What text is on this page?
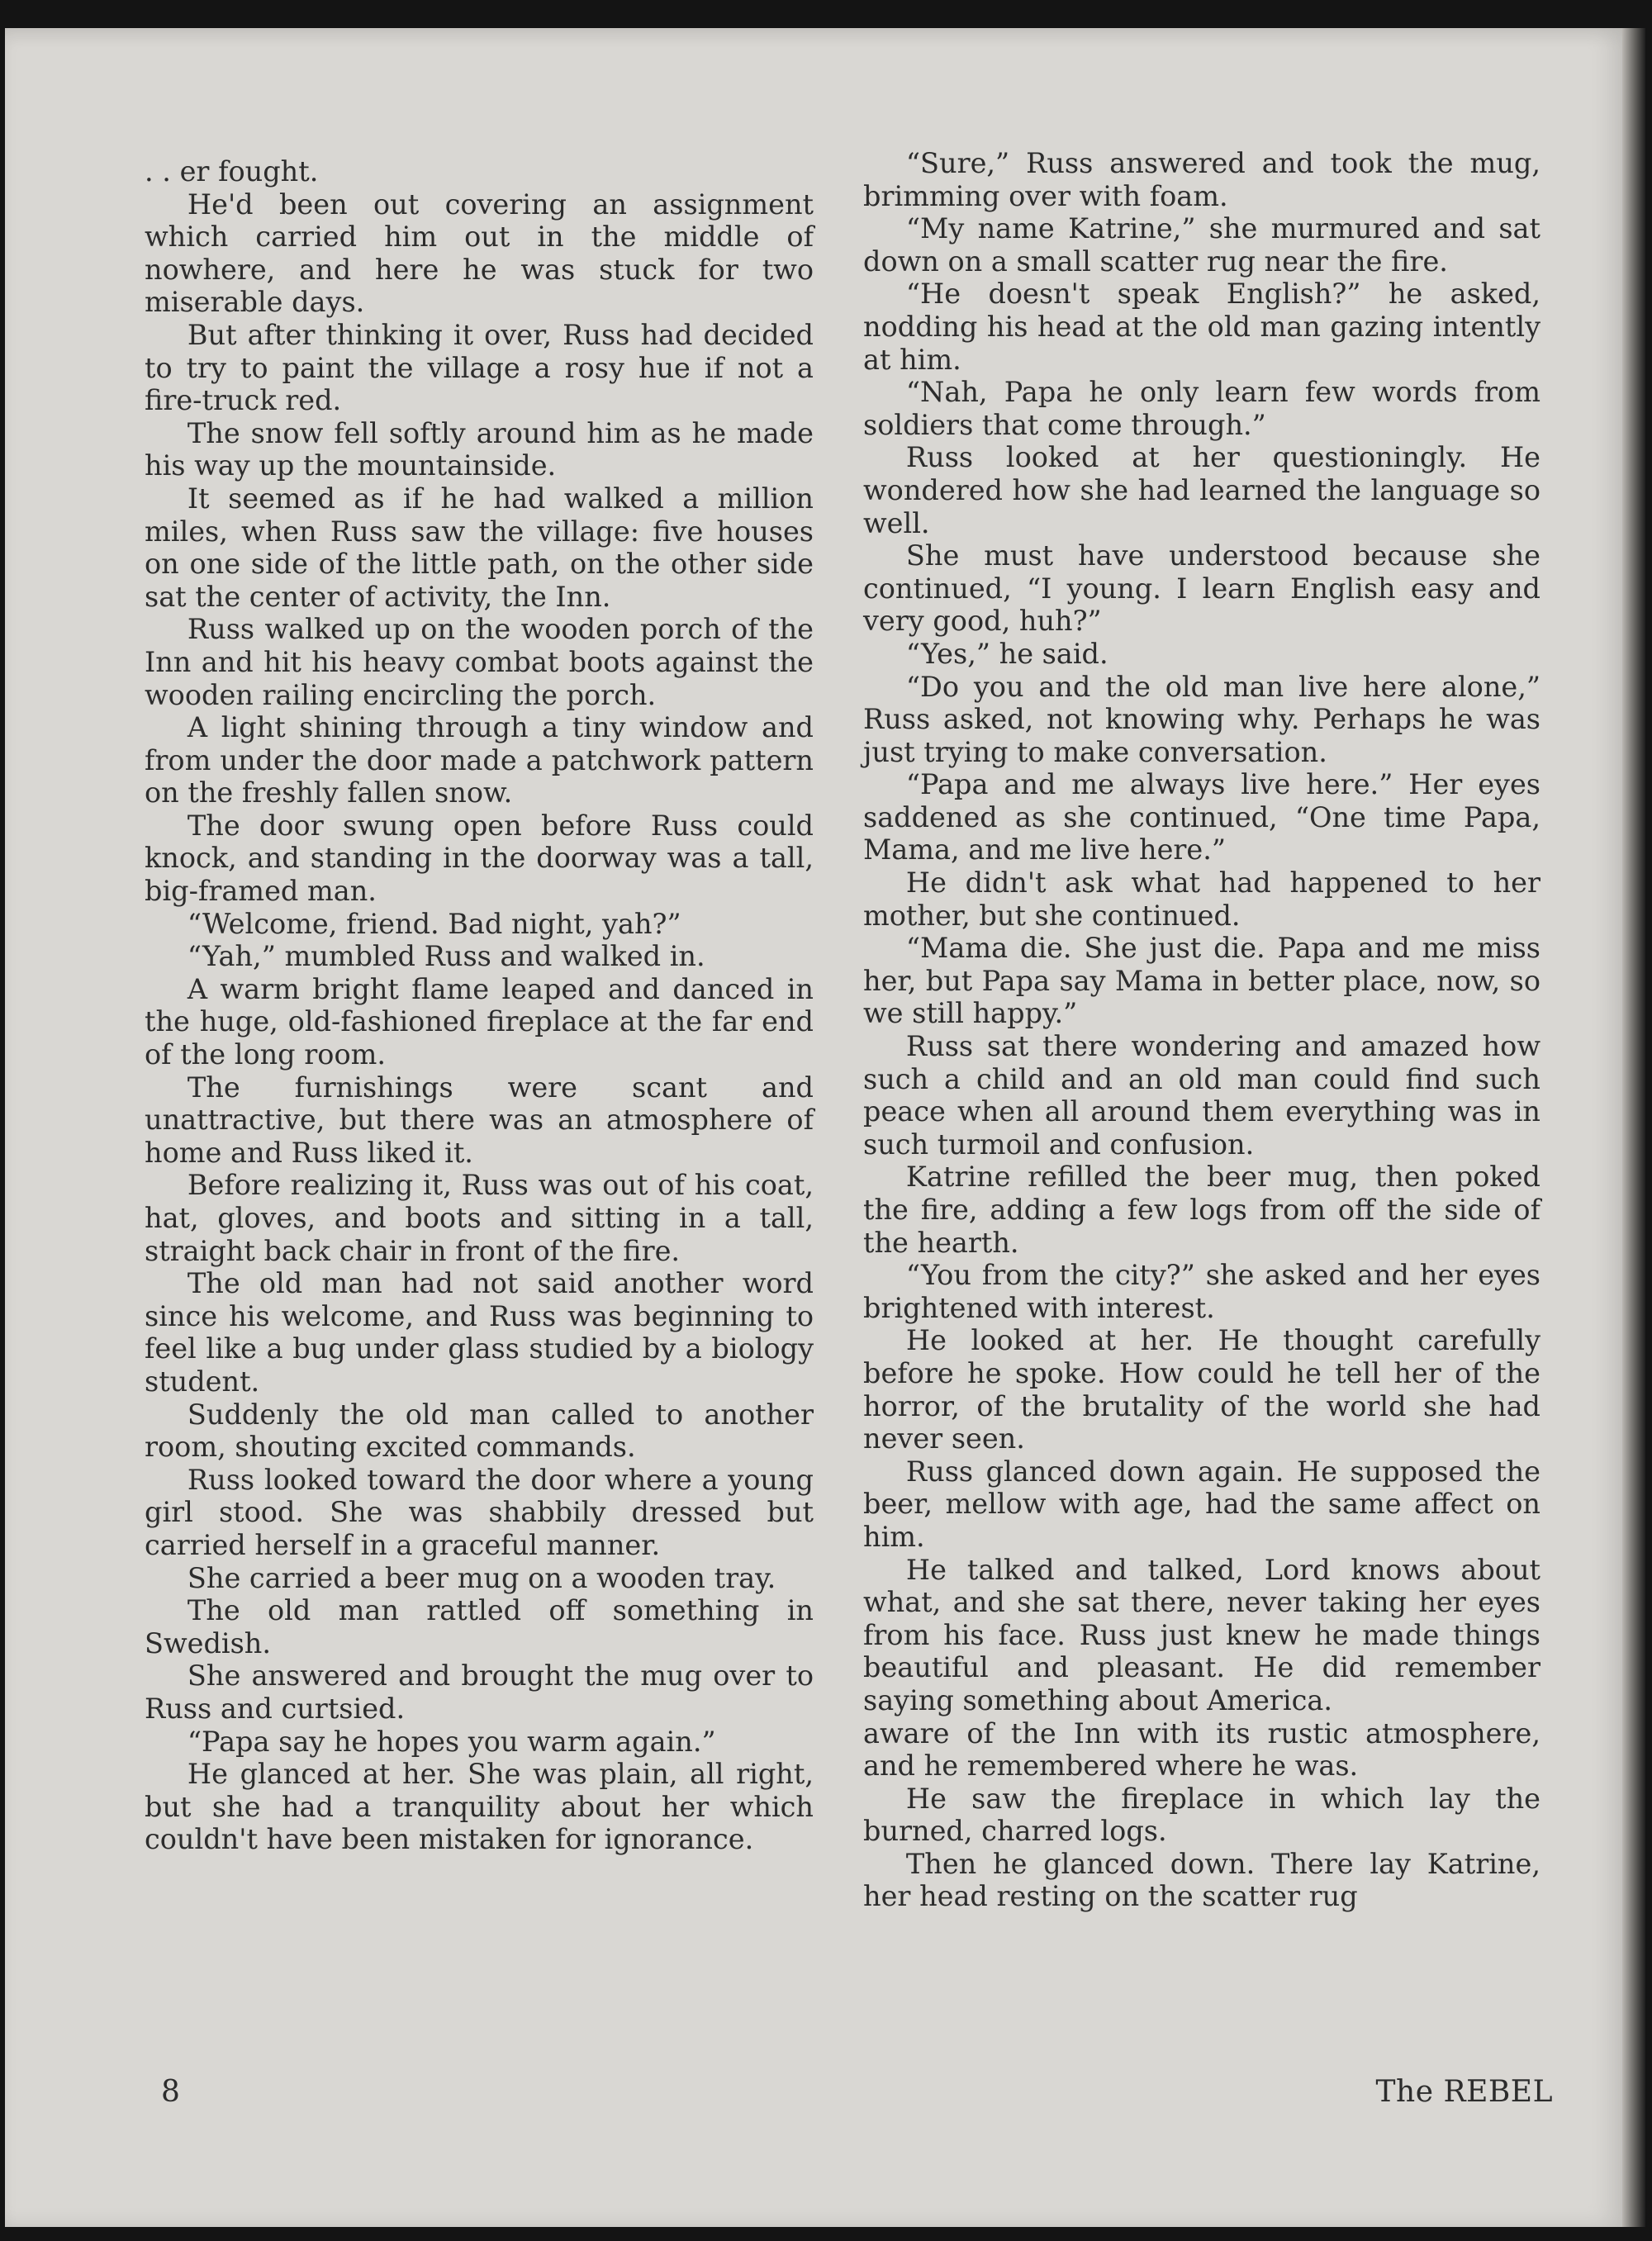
. . er fought.

He'd been out covering an assignment which carried him out in the middle of nowhere, and here he was stuck for two miserable days.

But after thinking it over, Russ had decided to try to paint the village a rosy hue if not a fire-truck red.

The snow fell softly around him as he made his way up the mountainside.

It seemed as if he had walked a million miles, when Russ saw the village: five houses on one side of the little path, on the other side sat the center of activity, the Inn.

Russ walked up on the wooden porch of the Inn and hit his heavy combat boots against the wooden railing encircling the porch.

A light shining through a tiny window and from under the door made a patchwork pattern on the freshly fallen snow.

The door swung open before Russ could knock, and standing in the doorway was a tall, big-framed man.

“Welcome, friend. Bad night, yah?”

“Yah,” mumbled Russ and walked in.

A warm bright flame leaped and danced in the huge, old-fashioned fireplace at the far end of the long room.

The furnishings were scant and unattractive, but there was an atmosphere of home and Russ liked it.

Before realizing it, Russ was out of his coat, hat, gloves, and boots and sitting in a tall, straight back chair in front of the fire.

The old man had not said another word since his welcome, and Russ was beginning to feel like a bug under glass studied by a biology student.

Suddenly the old man called to another room, shouting excited commands.

Russ looked toward the door where a young girl stood. She was shabbily dressed but carried herself in a graceful manner.

She carried a beer mug on a wooden tray.

The old man rattled off something in Swedish.

She answered and brought the mug over to Russ and curtsied.

“Papa say he hopes you warm again.”

He glanced at her. She was plain, all right, but she had a tranquility about her which couldn't have been mistaken for ignorance.

“Sure,” Russ answered and took the mug, brimming over with foam.

“My name Katrine,” she murmured and sat down on a small scatter rug near the fire.

“He doesn't speak English?” he asked, nodding his head at the old man gazing intently at him.

“Nah, Papa he only learn few words from soldiers that come through.”

Russ looked at her questioningly. He wondered how she had learned the language so well.

She must have understood because she continued, “I young. I learn English easy and very good, huh?”

“Yes,” he said.

“Do you and the old man live here alone,” Russ asked, not knowing why. Perhaps he was just trying to make conversation.

“Papa and me always live here.” Her eyes saddened as she continued, “One time Papa, Mama, and me live here.”

He didn't ask what had happened to her mother, but she continued.

“Mama die. She just die. Papa and me miss her, but Papa say Mama in better place, now, so we still happy.”

Russ sat there wondering and amazed how such a child and an old man could find such peace when all around them everything was in such turmoil and confusion.

Katrine refilled the beer mug, then poked the fire, adding a few logs from off the side of the hearth.

“You from the city?” she asked and her eyes brightened with interest.

He looked at her. He thought carefully before he spoke. How could he tell her of the horror, of the brutality of the world she had never seen.

Russ glanced down again. He supposed the beer, mellow with age, had the same affect on him.

He talked and talked, Lord knows about what, and she sat there, never taking her eyes from his face. Russ just knew he made things beautiful and pleasant. He did remember saying something about America.

aware of the Inn with its rustic atmosphere, and he remembered where he was.

He saw the fireplace in which lay the burned, charred logs.

Then he glanced down. There lay Katrine, her head resting on the scatter rug

8	The REBEL
